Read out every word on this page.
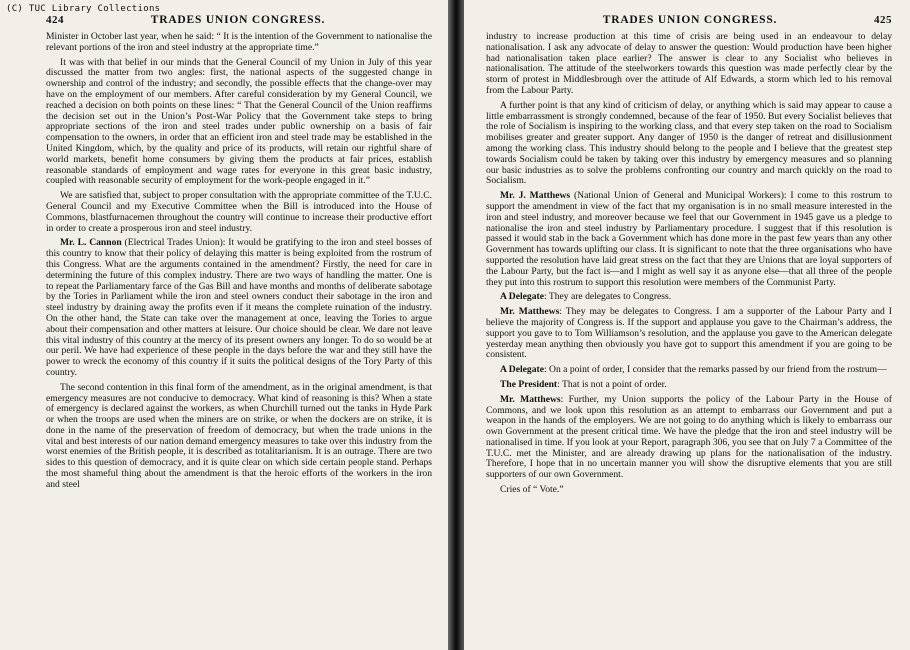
424	TRADES UNION CONGRESS.

Minister in October last year, when he said: “ It is the intention of the Government to nationalise the relevant portions of the iron and steel industry at the appropriate time.”

It was with that belief in our minds that the General Council of my Union in July of this year discussed the matter from two angles: first, the national aspects of the suggested change in ownership and control of the industry; and secondly, the possible effects that the change-over may have on the employment of our members. After careful consideration by my General Council, we reached a decision on both points on these lines: “ That the General Council of the Union reaffirms the decision set out in the Union’s Post-War Policy that the Government take steps to bring appropriate sections of the iron and steel trades under public ownership on a basis of fair compensation to the owners, in order that an efficient iron and steel trade may be established in the United Kingdom, which, by the quality and price of its products, will retain our rightful share of world markets, benefit home consumers by giving them the products at fair prices, establish reasonable standards of employment and wage rates for everyone in this great basic industry, coupled with reasonable security of employment for the work-people engaged in it.”

We are satisfied that, subject to proper consultation with the appropriate committee of the T.U.C. General Council and my Executive Committee when the Bill is introduced into the House of Commons, blastfurnacemen throughout the country will continue to increase their productive effort in order to create a prosperous iron and steel industry.

Mr. L. Cannon (Electrical Trades Union): It would be gratifying to the iron and steel bosses of this country to know that their policy of delaying this matter is being exploited from the rostrum of this Congress. What are the arguments contained in the amendment? Firstly, the need for care in determining the future of this complex industry. There are two ways of handling the matter. One is to repeat the Parliamentary farce of the Gas Bill and have months and months of deliberate sabotage by the Tories in Parliament while the iron and steel owners conduct their sabotage in the iron and steel industry by draining away the profits even if it means the complete ruination of the industry. On the other hand, the State can take over the management at once, leaving the Tories to argue about their compensation and other matters at leisure. Our choice should be clear. We dare not leave this vital industry of this country at the mercy of its present owners any longer. To do so would be at our peril. We have had experience of these people in the days before the war and they still have the power to wreck the economy of this country if it suits the political designs of the Tory Party of this country.

The second contention in this final form of the amendment, as in the original amendment, is that emergency measures are not conducive to democracy. What kind of reasoning is this? When a state of emergency is declared against the workers, as when Churchill turned out the tanks in Hyde Park or when the troops are used when the miners are on strike, or when the dockers are on strike, it is done in the name of the preservation of freedom of democracy, but when the trade unions in the vital and best interests of our nation demand emergency measures to take over this industry from the worst enemies of the British people, it is described as totalitarianism. It is an outrage. There are two sides to this question of democracy, and it is quite clear on which side certain people stand. Perhaps the most shameful thing about the amendment is that the heroic efforts of the workers in the iron and steel

TRADES UNION CONGRESS.	425

industry to increase production at this time of crisis are being used in an endeavour to delay nationalisation. I ask any advocate of delay to answer the question: Would production have been higher had nationalisation taken place earlier? The answer is clear to any Socialist who believes in nationalisation. The attitude of the steelworkers towards this question was made perfectly clear by the storm of protest in Middlesbrough over the attitude of Alf Edwards, a storm which led to his removal from the Labour Party.

A further point is that any kind of criticism of delay, or anything which is said may appear to cause a little embarrassment is strongly condemned, because of the fear of 1950. But every Socialist believes that the role of Socialism is inspiring to the working class, and that every step taken on the road to Socialism mobilises greater and greater support. Any danger of 1950 is the danger of retreat and disillusionment among the working class. This industry should belong to the people and I believe that the greatest step towards Socialism could be taken by taking over this industry by emergency measures and so planning our basic industries as to solve the problems confronting our country and march quickly on the road to Socialism.

Mr. J. Matthews (National Union of General and Municipal Workers): I come to this rostrum to support the amendment in view of the fact that my organisation is in no small measure interested in the iron and steel industry, and moreover because we feel that our Government in 1945 gave us a pledge to nationalise the iron and steel industry by Parliamentary procedure. I suggest that if this resolution is passed it would stab in the back a Government which has done more in the past few years than any other Government has towards uplifting our class. It is significant to note that the three organisations who have supported the resolution have laid great stress on the fact that they are Unions that are loyal supporters of the Labour Party, but the fact is—and I might as well say it as anyone else—that all three of the people they put into this rostrum to support this resolution were members of the Communist Party.

A Delegate: They are delegates to Congress.

Mr. Matthews: They may be delegates to Congress. I am a supporter of the Labour Party and I believe the majority of Congress is. If the support and applause you gave to the Chairman’s address, the support you gave to to Tom Williamson’s resolution, and the applause you gave to the American delegate yesterday mean anything then obviously you have got to support this amendment if you are going to be consistent.

A Delegate: On a point of order, I consider that the remarks passed by our friend from the rostrum—

The President: That is not a point of order.

Mr. Matthews: Further, my Union supports the policy of the Labour Party in the House of Commons, and we look upon this resolution as an attempt to embarrass our Government and put a weapon in the hands of the employers. We are not going to do anything which is likely to embarrass our own Government at the present critical time. We have the pledge that the iron and steel industry will be nationalised in time. If you look at your Report, paragraph 306, you see that on July 7 a Committee of the T.U.C. met the Minister, and are already drawing up plans for the nationalisation of the industry. Therefore, I hope that in no uncertain manner you will show the disruptive elements that you are still supporters of our own Government.

Cries of “ Vote.”

(C) TUC Library Collections
